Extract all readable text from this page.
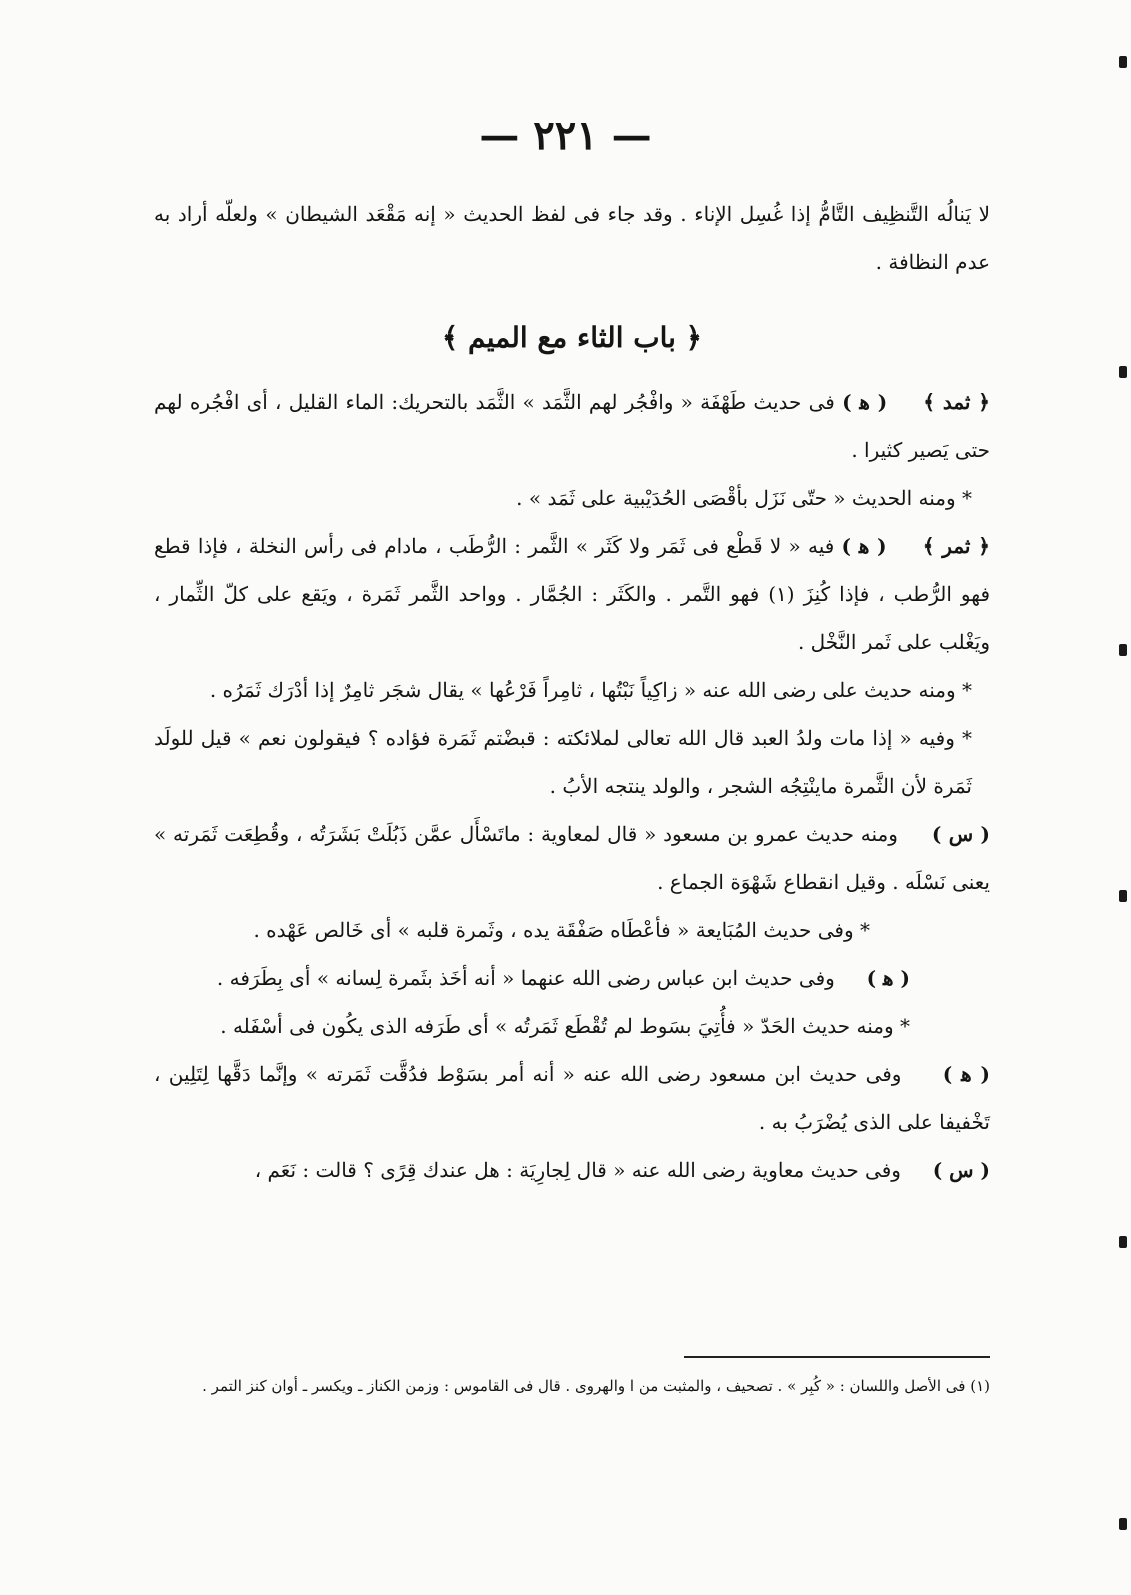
— ٢٢١ —

لا يَنالُه التَّنظِيف التَّامُّ إذا غُسِل الإناء . وقد جاء فى لفظ الحديث « إنه مَقْعَد الشيطان » ولعلّه أراد به عدم النظافة .

﴿ باب الثاء مع الميم ﴾

﴿ ثمد ﴾     ( ﻫ ) فى حديث طَهْفَة « وافْجُر لهم الثَّمَد » الثَّمَد بالتحريك: الماء القليل ، أى افْجُره لهم حتى يَصير كثيرا .

* ومنه الحديث « حتّى نَزَل بأقْصَى الحُدَيْبية على ثَمَد » .

﴿ ثمر ﴾     ( ﻫ ) فيه « لا قَطْع فى ثَمَر ولا كَثَر » الثَّمر : الرُّطَب ، مادام فى رأس النخلة ، فإذا قطع فهو الرُّطب ، فإذا كُنِزَ (١) فهو التَّمر . والكَثَر : الجُمَّار . وواحد الثَّمر ثَمَرة ، ويَقع على كلّ الثِّمار ، ويَغْلب على ثَمر النَّخْل .

* ومنه حديث على رضى الله عنه « زاكِياً نَبْتُها ، ثامِراً فَرْعُها » يقال شجَر ثامِرٌ إذا أدْرَك ثَمَرُه .

* وفيه « إذا مات ولدُ العبد قال الله تعالى لملائكته : قبضْتم ثَمَرة فؤاده ؟ فيقولون نعم » قيل للولَد ثَمَرة لأن الثَّمرة ماينْتِجُه الشجر ، والولد ينتجه الأبُ .

( س )     ومنه حديث عمرو بن مسعود « قال لمعاوية : ماتَسْأَل عمَّن ذَبُلَتْ بَشَرَتُه ، وقُطِعَت ثَمَرته » يعنى نَسْلَه . وقيل انقطاع شَهْوَة الجماع .

* وفى حديث المُبَايعة « فأعْطَاه صَفْقَة يده ، وثَمرة قلبه » أى خَالص عَهْده .

( ﻫ )     وفى حديث ابن عباس رضى الله عنهما « أنه أخَذ بثَمرة لِسانه » أى بِطَرَفه .

* ومنه حديث الحَدّ « فأُتِيَ بسَوط لم تُقْطَع ثَمَرتُه » أى طَرَفه الذى يكُون فى أسْفَله .

( ﻫ )     وفى حديث ابن مسعود رضى الله عنه « أنه أمر بسَوْط فدُقَّت ثَمَرته » وإنَّما دَقَّها لِتَلِين ، تَخْفيفا على الذى يُضْرَبُ به .

( س )     وفى حديث معاوية رضى الله عنه « قال لِجارِيَة : هل عندك قِرًى ؟ قالت : نَعَم ،

(١) فى الأصل واللسان : « كُبِر » . تصحيف ، والمثبت من ا والهروى . قال فى القاموس : وزمن الكناز ـ ويكسر ـ أوان كنز التمر .
